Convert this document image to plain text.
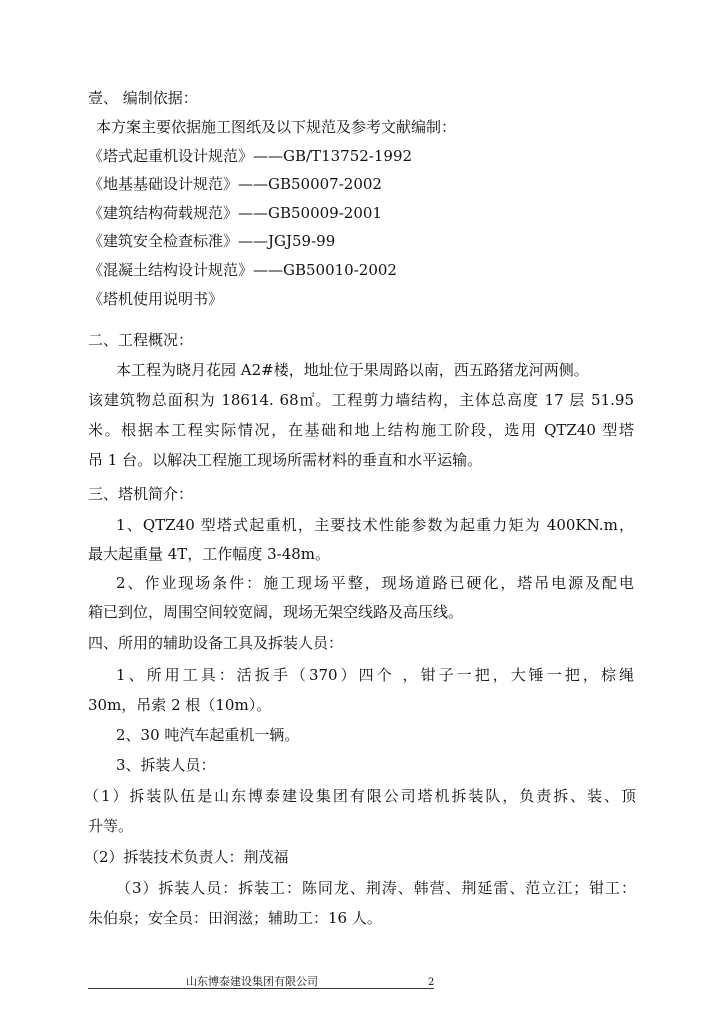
壹、 编制依据：
本方案主要依据施工图纸及以下规范及参考文献编制：
《塔式起重机设计规范》——GB/T13752-1992
《地基基础设计规范》——GB50007-2002
《建筑结构荷载规范》——GB50009-2001
《建筑安全检查标准》——JGJ59-99
《混凝土结构设计规范》——GB50010-2002
《塔机使用说明书》
二、工程概况：
本工程为晓月花园 A2#楼，地址位于果周路以南，西五路猪龙河两侧。
该建筑物总面积为 18614. 68㎡。工程剪力墙结构，主体总高度 17 层 51.95
米。根据本工程实际情况，在基础和地上结构施工阶段，选用 QTZ40 型塔
吊 1 台。以解决工程施工现场所需材料的垂直和水平运输。
三、塔机简介：
1、QTZ40 型塔式起重机，主要技术性能参数为起重力矩为 400KN.m，
最大起重量 4T，工作幅度 3-48m。
2、作业现场条件：施工现场平整，现场道路已硬化，塔吊电源及配电
箱已到位，周围空间较宽阔，现场无架空线路及高压线。
四、所用的辅助设备工具及拆装人员：
1、所用工具：活扳手（370）四个 ，钳子一把，大锤一把，棕绳
30m，吊索 2 根（10m）。
2、30 吨汽车起重机一辆。
3、拆装人员：
（1）拆装队伍是山东博泰建设集团有限公司塔机拆装队，负责拆、装、顶
升等。
（2）拆装技术负责人：荆茂福
（3）拆装人员：拆装工：陈同龙、荆涛、韩营、荆延雷、范立江；钳工：
朱伯泉；安全员：田润滋；辅助工：16 人。
山东博泰建设集团有限公司	2
